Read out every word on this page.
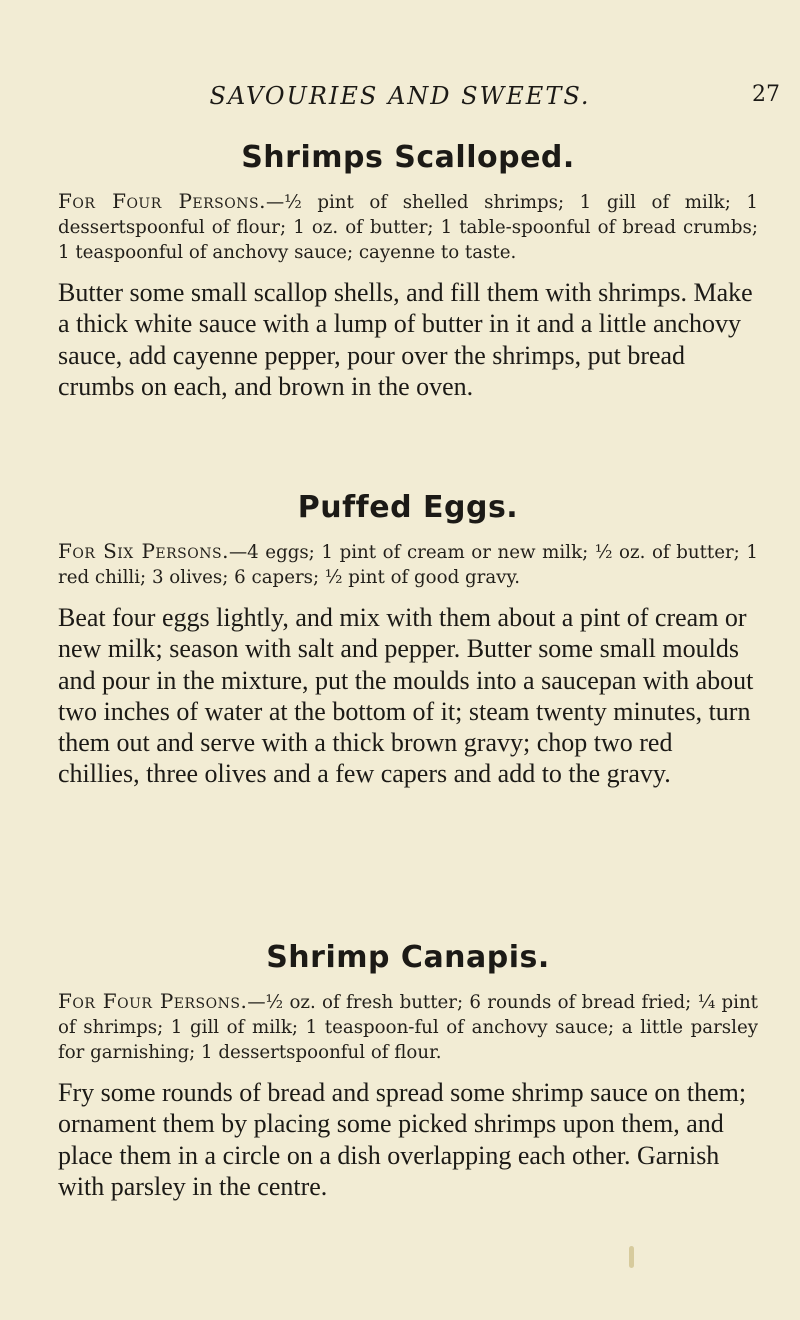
SAVOURIES AND SWEETS.	27
Shrimps Scalloped.

For Four Persons.—½ pint of shelled shrimps; 1 gill of milk; 1 dessertspoonful of flour; 1 oz. of butter; 1 table-spoonful of bread crumbs; 1 teaspoonful of anchovy sauce; cayenne to taste.

Butter some small scallop shells, and fill them with shrimps. Make a thick white sauce with a lump of butter in it and a little anchovy sauce, add cayenne pepper, pour over the shrimps, put bread crumbs on each, and brown in the oven.

Puffed Eggs.

For Six Persons.—4 eggs; 1 pint of cream or new milk; ½ oz. of butter; 1 red chilli; 3 olives; 6 capers; ½ pint of good gravy.

Beat four eggs lightly, and mix with them about a pint of cream or new milk; season with salt and pepper. Butter some small moulds and pour in the mixture, put the moulds into a saucepan with about two inches of water at the bottom of it; steam twenty minutes, turn them out and serve with a thick brown gravy; chop two red chillies, three olives and a few capers and add to the gravy.

Shrimp Canapis.

For Four Persons.—½ oz. of fresh butter; 6 rounds of bread fried; ¼ pint of shrimps; 1 gill of milk; 1 teaspoon-ful of anchovy sauce; a little parsley for garnishing; 1 dessertspoonful of flour.

Fry some rounds of bread and spread some shrimp sauce on them; ornament them by placing some picked shrimps upon them, and place them in a circle on a dish overlapping each other. Garnish with parsley in the centre.
